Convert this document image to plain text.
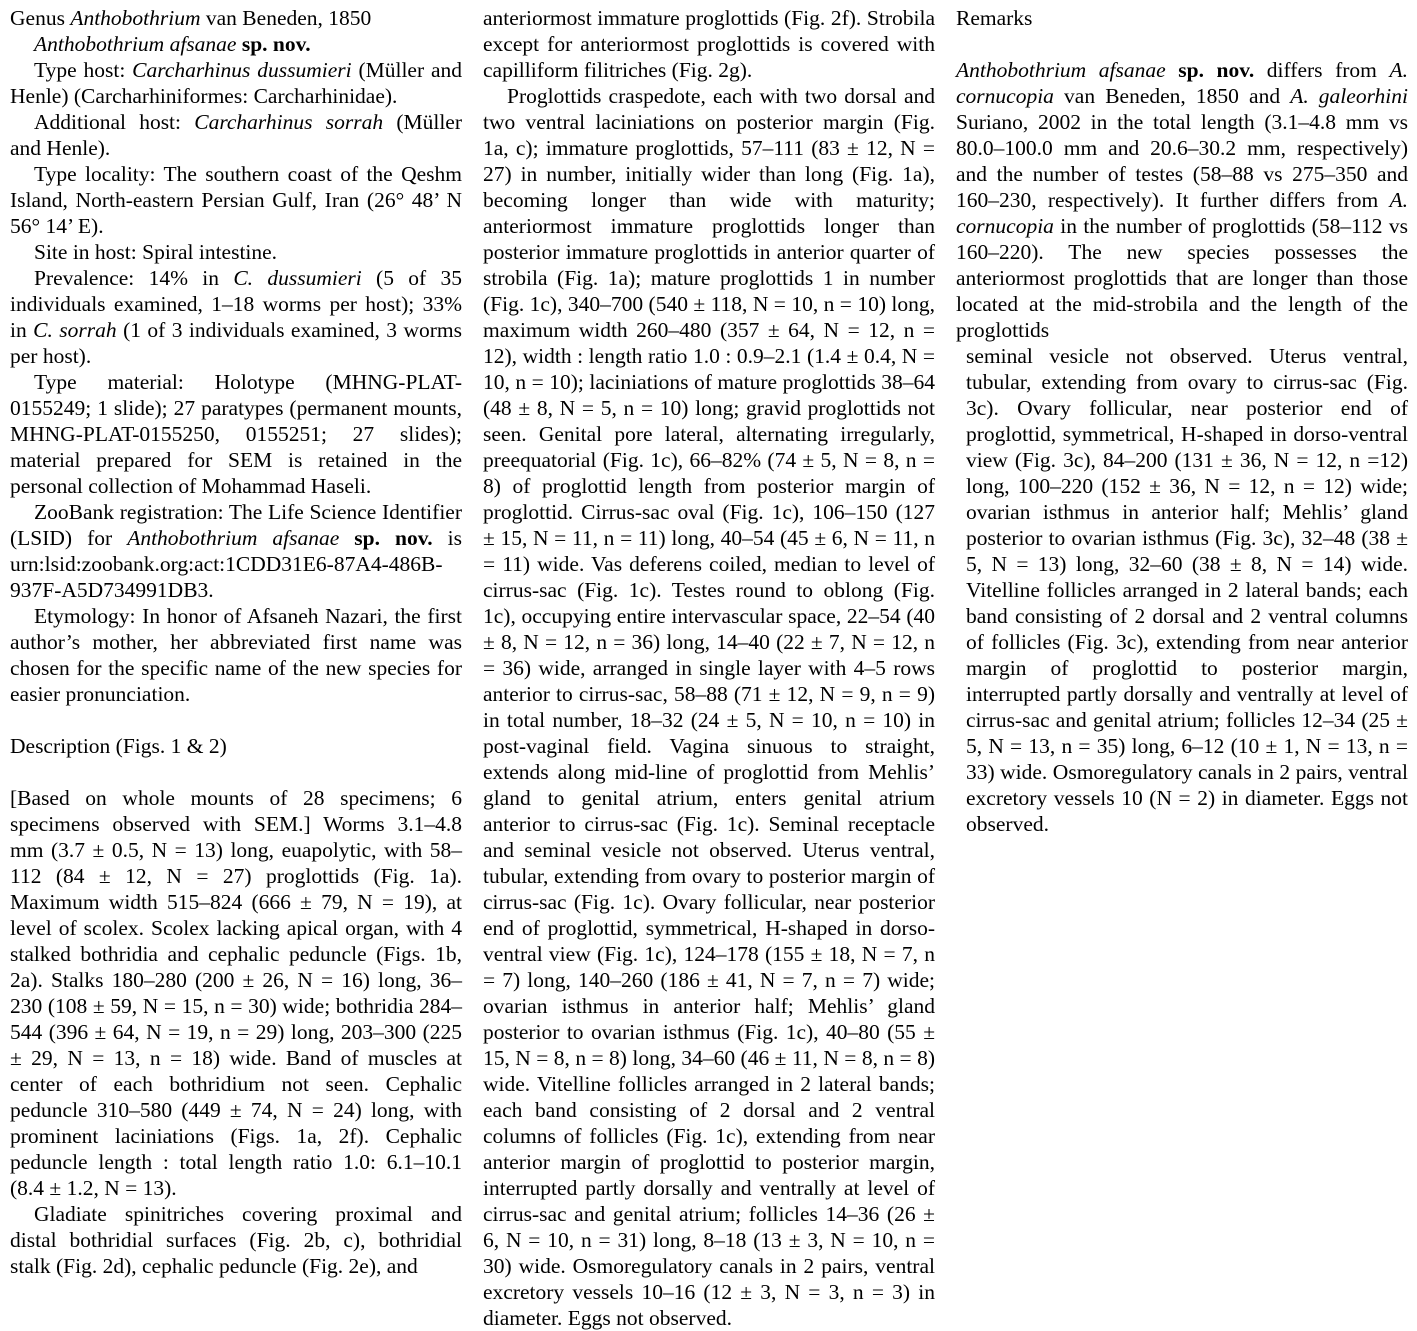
Genus Anthobothrium van Beneden, 1850

Anthobothrium afsanae sp. nov.

Type host: Carcharhinus dussumieri (Müller and Henle) (Carcharhiniformes: Carcharhinidae).

Additional host: Carcharhinus sorrah (Müller and Henle).

Type locality: The southern coast of the Qeshm Island, North-eastern Persian Gulf, Iran (26° 48’ N 56° 14’ E).

Site in host: Spiral intestine.

Prevalence: 14% in C. dussumieri (5 of 35 individuals examined, 1–18 worms per host); 33% in C. sorrah (1 of 3 individuals examined, 3 worms per host).

Type material: Holotype (MHNG-PLAT-0155249; 1 slide); 27 paratypes (permanent mounts, MHNG-PLAT-0155250, 0155251; 27 slides); material prepared for SEM is retained in the personal collection of Mohammad Haseli.

ZooBank registration: The Life Science Identifier (LSID) for Anthobothrium afsanae sp. nov. is urn:lsid:zoobank.org:act:1CDD31E6-87A4-486B-937F-A5D734991DB3.

Etymology: In honor of Afsaneh Nazari, the first author’s mother, her abbreviated first name was chosen for the specific name of the new species for easier pronunciation.

Description (Figs. 1 & 2)

[Based on whole mounts of 28 specimens; 6 specimens observed with SEM.] Worms 3.1–4.8 mm (3.7 ± 0.5, N = 13) long, euapolytic, with 58–112 (84 ± 12, N = 27) proglottids (Fig. 1a). Maximum width 515–824 (666 ± 79, N = 19), at level of scolex. Scolex lacking apical organ, with 4 stalked bothridia and cephalic peduncle (Figs. 1b, 2a). Stalks 180–280 (200 ± 26, N = 16) long, 36–230 (108 ± 59, N = 15, n = 30) wide; bothridia 284–544 (396 ± 64, N = 19, n = 29) long, 203–300 (225 ± 29, N = 13, n = 18) wide. Band of muscles at center of each bothridium not seen. Cephalic peduncle 310–580 (449 ± 74, N = 24) long, with prominent laciniations (Figs. 1a, 2f). Cephalic peduncle length : total length ratio 1.0: 6.1–10.1 (8.4 ± 1.2, N = 13).

Gladiate spinitriches covering proximal and distal bothridial surfaces (Fig. 2b, c), bothridial stalk (Fig. 2d), cephalic peduncle (Fig. 2e), and

anteriormost immature proglottids (Fig. 2f). Strobila except for anteriormost proglottids is covered with capilliform filitriches (Fig. 2g).

Proglottids craspedote, each with two dorsal and two ventral laciniations on posterior margin (Fig. 1a, c); immature proglottids, 57–111 (83 ± 12, N = 27) in number, initially wider than long (Fig. 1a), becoming longer than wide with maturity; anteriormost immature proglottids longer than posterior immature proglottids in anterior quarter of strobila (Fig. 1a); mature proglottids 1 in number (Fig. 1c), 340–700 (540 ± 118, N = 10, n = 10) long, maximum width 260–480 (357 ± 64, N = 12, n = 12), width : length ratio 1.0 : 0.9–2.1 (1.4 ± 0.4, N = 10, n = 10); laciniations of mature proglottids 38–64 (48 ± 8, N = 5, n = 10) long; gravid proglottids not seen. Genital pore lateral, alternating irregularly, preequatorial (Fig. 1c), 66–82% (74 ± 5, N = 8, n = 8) of proglottid length from posterior margin of proglottid. Cirrus-sac oval (Fig. 1c), 106–150 (127 ± 15, N = 11, n = 11) long, 40–54 (45 ± 6, N = 11, n = 11) wide. Vas deferens coiled, median to level of cirrus-sac (Fig. 1c). Testes round to oblong (Fig. 1c), occupying entire intervascular space, 22–54 (40 ± 8, N = 12, n = 36) long, 14–40 (22 ± 7, N = 12, n = 36) wide, arranged in single layer with 4–5 rows anterior to cirrus-sac, 58–88 (71 ± 12, N = 9, n = 9) in total number, 18–32 (24 ± 5, N = 10, n = 10) in post-vaginal field. Vagina sinuous to straight, extends along mid-line of proglottid from Mehlis’ gland to genital atrium, enters genital atrium anterior to cirrus-sac (Fig. 1c). Seminal receptacle and seminal vesicle not observed. Uterus ventral, tubular, extending from ovary to posterior margin of cirrus-sac (Fig. 1c). Ovary follicular, near posterior end of proglottid, symmetrical, H-shaped in dorso-ventral view (Fig. 1c), 124–178 (155 ± 18, N = 7, n = 7) long, 140–260 (186 ± 41, N = 7, n = 7) wide; ovarian isthmus in anterior half; Mehlis’ gland posterior to ovarian isthmus (Fig. 1c), 40–80 (55 ± 15, N = 8, n = 8) long, 34–60 (46 ± 11, N = 8, n = 8) wide. Vitelline follicles arranged in 2 lateral bands; each band consisting of 2 dorsal and 2 ventral columns of follicles (Fig. 1c), extending from near anterior margin of proglottid to posterior margin, interrupted partly dorsally and ventrally at level of cirrus-sac and genital atrium; follicles 14–36 (26 ± 6, N = 10, n = 31) long, 8–18 (13 ± 3, N = 10, n = 30) wide. Osmoregulatory canals in 2 pairs, ventral excretory vessels 10–16 (12 ± 3, N = 3, n = 3) in diameter. Eggs not observed.

Remarks

Anthobothrium afsanae sp. nov. differs from A. cornucopia van Beneden, 1850 and A. galeorhini Suriano, 2002 in the total length (3.1–4.8 mm vs 80.0–100.0 mm and 20.6–30.2 mm, respectively) and the number of testes (58–88 vs 275–350 and 160–230, respectively). It further differs from A. cornucopia in the number of proglottids (58–112 vs 160–220). The new species possesses the anteriormost proglottids that are longer than those located at the mid-strobila and the length of the proglottids

seminal vesicle not observed. Uterus ventral, tubular, extending from ovary to cirrus-sac (Fig. 3c). Ovary follicular, near posterior end of proglottid, symmetrical, H-shaped in dorso-ventral view (Fig. 3c), 84–200 (131 ± 36, N = 12, n =12) long, 100–220 (152 ± 36, N = 12, n = 12) wide; ovarian isthmus in anterior half; Mehlis’ gland posterior to ovarian isthmus (Fig. 3c), 32–48 (38 ± 5, N = 13) long, 32–60 (38 ± 8, N = 14) wide. Vitelline follicles arranged in 2 lateral bands; each band consisting of 2 dorsal and 2 ventral columns of follicles (Fig. 3c), extending from near anterior margin of proglottid to posterior margin, interrupted partly dorsally and ventrally at level of cirrus-sac and genital atrium; follicles 12–34 (25 ± 5, N = 13, n = 35) long, 6–12 (10 ± 1, N = 13, n = 33) wide. Osmoregulatory canals in 2 pairs, ventral excretory vessels 10 (N = 2) in diameter. Eggs not observed.
